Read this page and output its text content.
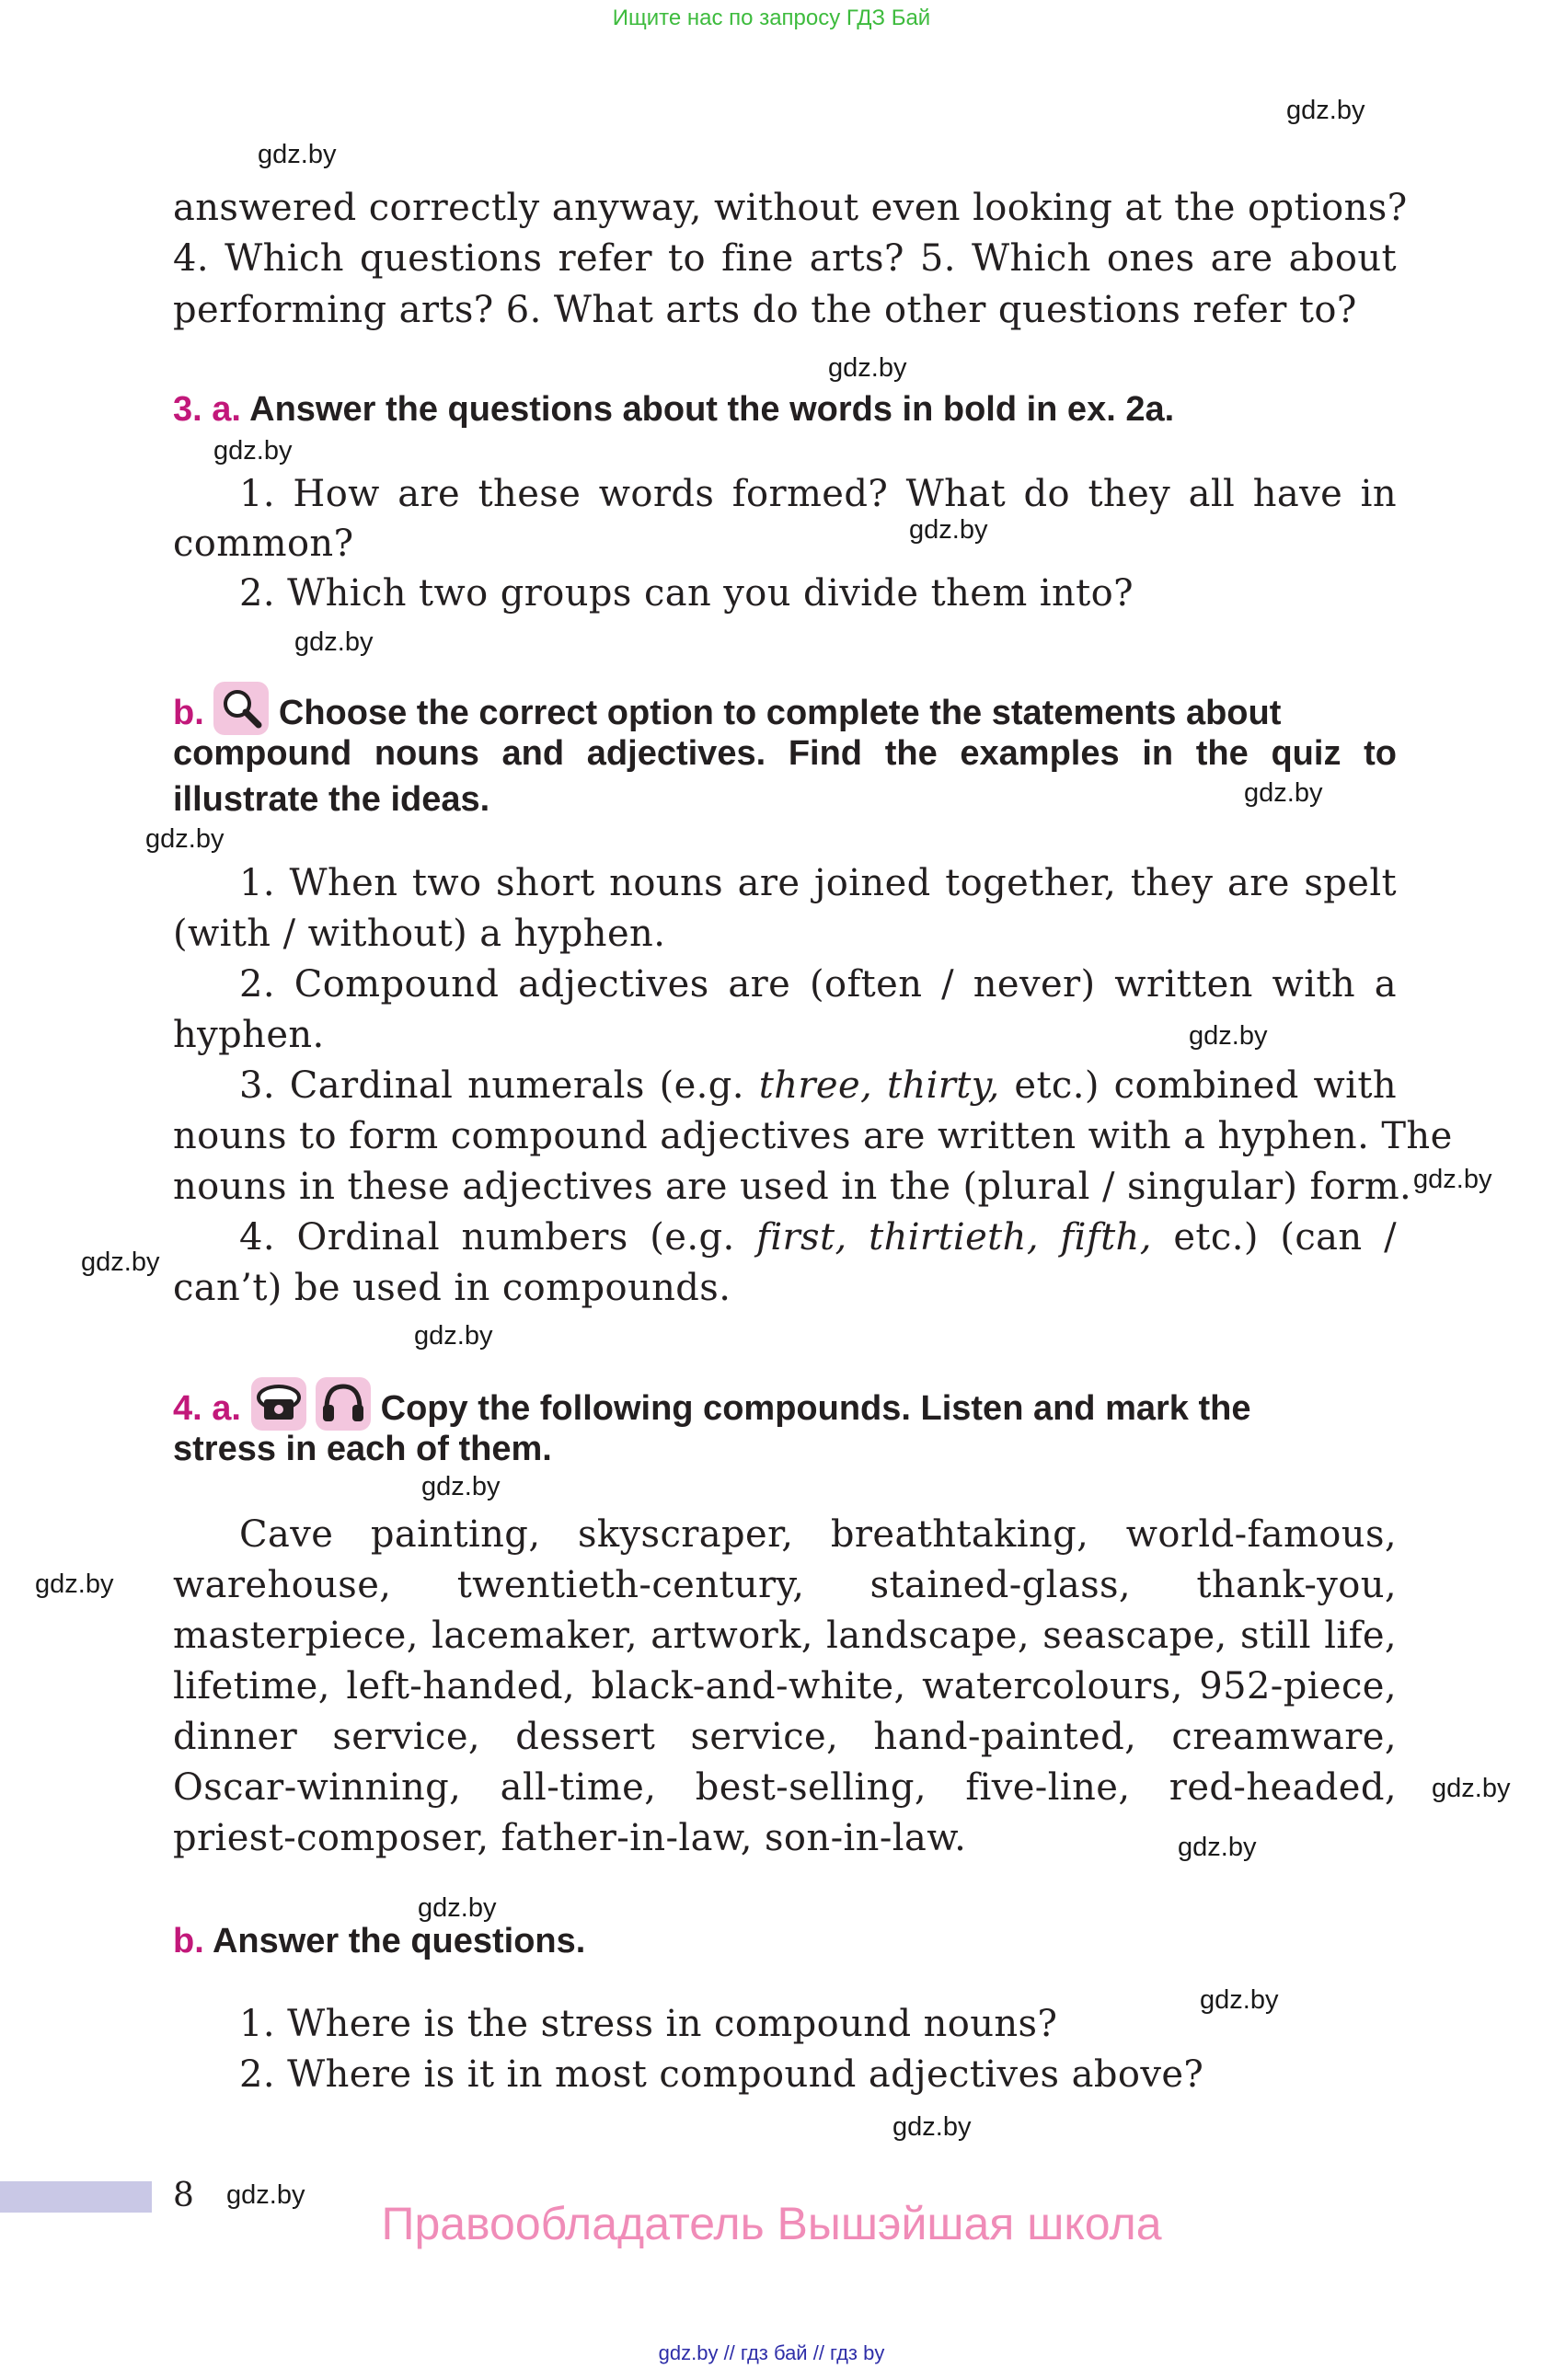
Ищите нас по запросу ГДЗ Бай
gdz.by
gdz.by
gdz.by
gdz.by
gdz.by
gdz.by
gdz.by
gdz.by
gdz.by
gdz.by
gdz.by
gdz.by
gdz.by
gdz.by
gdz.by
gdz.by
gdz.by
gdz.by
gdz.by
gdz.by
answered correctly anyway, without even looking at the options?
4. Which questions refer to fine arts? 5. Which ones are about
performing arts? 6. What arts do the other questions refer to?
3. a. Answer the questions about the words in bold in ex. 2a.
1. How are these words formed? What do they all have in
common?
2. Which two groups can you divide them into?
b. Choose the correct option to complete the statements about
compound nouns and adjectives. Find the examples in the quiz to
illustrate the ideas.
1. When two short nouns are joined together, they are spelt
(with / without) a hyphen.
2. Compound adjectives are (often / never) written with a
hyphen.
3. Cardinal numerals (e.g. three, thirty, etc.) combined with
nouns to form compound adjectives are written with a hyphen. The
nouns in these adjectives are used in the (plural / singular) form.
4. Ordinal numbers (e.g. first, thirtieth, fifth, etc.) (can /
can’t) be used in compounds.
4. a.	Copy the following compounds. Listen and mark the
stress in each of them.
Cave painting, skyscraper, breathtaking, world-famous,
warehouse, twentieth-century, stained-glass, thank-you,
masterpiece, lacemaker, artwork, landscape, seascape, still life,
lifetime, left-handed, black-and-white, watercolours, 952-piece,
dinner service, dessert service, hand-painted, creamware,
Oscar-winning, all-time, best-selling, five-line, red-headed,
priest-composer, father-in-law, son-in-law.
b. Answer the questions.
1. Where is the stress in compound nouns?
2. Where is it in most compound adjectives above?
8
Правообладатель Вышэйшая школа
gdz.by // гдз бай // гдз by
